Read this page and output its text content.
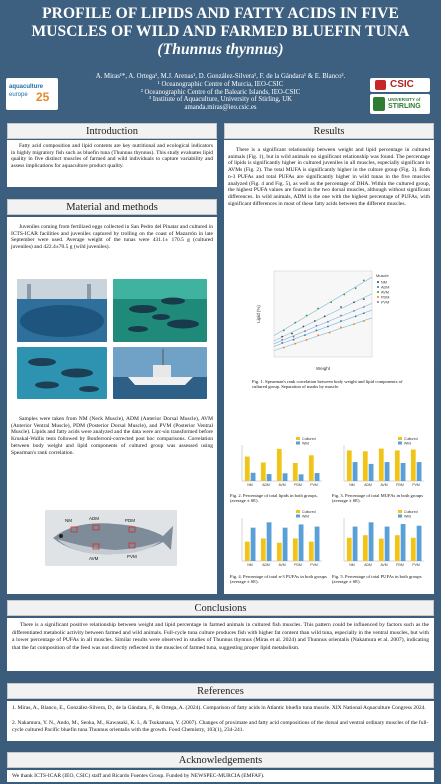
PROFILE OF LIPIDS AND FATTY ACIDS IN FIVE
MUSCLES OF WILD AND FARMED BLUEFIN TUNA
(Thunnus thynnus)
A. Miras¹*, A. Ortega¹, M.J. Arenas¹, D. González-Silvera¹, F. de la Gándara¹ & E. Blanco².
¹ Oceanographic Centre of Murcia, IEO-CSIC
² Oceanographic Centre of the Balearic Islands, IEO-CSIC
³ Institute of Aquaculture, University of Stirling, UK
amanda.miras@ieo.csic.es
aquaculture
europe 25
CSIC
UNIVERSITY of
STIRLING
Introduction
Fatty acid composition and lipid contents are key nutritional and ecological indicators in highly migratory fish such as bluefin tuna (Thunnus thynnus). This study evaluates lipid quality in five distinct muscles of farmed and wild individuals to capture variability and assess implications for aquaculture product quality.
Material and methods
Juveniles coming from fertilized eggs collected in San Pedro del Pinatar and cultured in ICTS-ICAR facilities and juveniles captured by trolling on the coast of Mazarrón in late September were used. Average weight of the tunas were 431.1± 170.5 g (cultured juveniles) and 422.4±70.5 g (wild juveniles).
Samples were taken from NM (Neck Muscle), ADM (Anterior Dorsal Muscle), AVM (Anterior Ventral Muscle), PDM (Posterior Dorsal Muscle), and PVM (Posterior Ventral Muscle). Lipids and fatty acids were analyzed and the data were arc-sin transformed before Kruskal-Wallis tests followed by Bonferroni-corrected post hoc comparisons. Correlation between body weight and lipid components of cultured group was assessed using Spearman's rank correlation.
NM	ADM	PDM
AVM	PVM
Results
There is a significant relationship between weight and lipid percentage in cultured animals (Fig. 1), but in wild animals no significant relationship was found. The percentage of lipids is significantly higher in cultured juveniles in all muscles, especially significant in AVMs (Fig. 2). The total MUFA is significantly higher in the culture group (Fig. 3). Both n-3 PUFAs and total PUFAs are significantly higher in wild tunas in the five muscles analyzed (Fig. 4 and Fig. 5), as well as the percentage of DHA. Within the cultured group, the highest PUFA values are found in the two dorsal muscles, although without significant differences. In wild animals, ADM is the one with the highest percentage of PUFAs, with significant differences in most of these fatty acids between the different muscles.
Weight
Lipid (%)
Muscle
NM
ADM
AVM
PDM
PVM
Fig. 1. Spearman's rank correlation between body weight and lipid components of cultured group. Separation of marks by muscle.
NM	ADM	AVM	PDM	PVM
Cultured
Wild
Fig. 2. Percentage of total lipids in both groups, (average ± SE).
NM	ADM	AVM	PDM	PVM
Cultured
Wild
Fig. 3. Percentage of total MUFAs in both groups (average ± SE).
NM	ADM	AVM	PDM	PVM
Cultured
Wild
Fig. 4. Percentage of total n-3 PUFAs in both groups (average ± SE).
NM	ADM	AVM	PDM	PVM
Cultured
Wild
Fig. 5. Percentage of total PUFAs in both groups (average ± SE).
Conclusions
There is a significant positive relationship between weight and lipid percentage in farmed animals in cultured fish muscles. This pattern could be influenced by factors such as the differentiated metabolic activity between farmed and wild animals. Full-cycle tuna culture produces fish with higher fat content than wild tuna, especially in the ventral muscles, but with a lower percentage of PUFAs in all muscles. Similar results were observed in studies of Thunnus thynnus (Miras et al. 2024) and Thunnus orientalis (Nakamura et al. 2007), indicating that the fat composition of the feed was not directly reflected in the muscles of farmed tuna, suggesting proper lipid metabolism.
References
1. Miras, A., Blanco, E., González-Silvera, D., de la Gándara, F., & Ortega, A. (2024). Comparison of fatty acids in Atlantic bluefin tuna muscle. XIX National Aquaculture Congress 2024.
2. Nakamura, Y. N., Ando, M., Seoka, M., Kawasaki, K. I., & Tsukamasa, Y. (2007). Changes of proximate and fatty acid compositions of the dorsal and ventral ordinary muscles of the full-cycle cultured Pacific bluefin tuna Thunnus orientalis with the growth. Food Chemistry, 103(1), 234-241.
Acknowledgements
We thank ICTS-ICAR (IEO, CSIC) staff and Ricardo Fuentes Group. Funded by NEWSPEC-MURCIA (EMFAF).
